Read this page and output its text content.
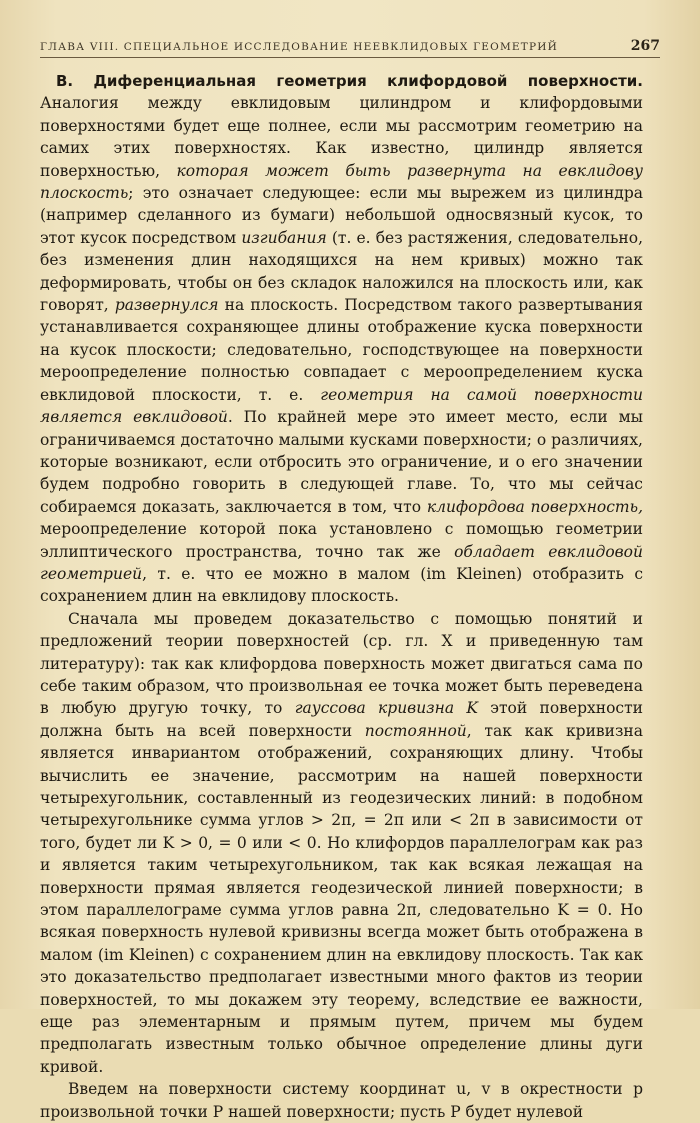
ГЛАВА VIII. СПЕЦИАЛЬНОЕ ИССЛЕДОВАНИЕ НЕЕВКЛИДОВЫХ ГЕОМЕТРИЙ	267

В. Диференциальная геометрия клифордовой поверхности. Аналогия между евклидовым цилиндром и клифордовыми поверхностями будет еще полнее, если мы рассмотрим геометрию на самих этих поверхностях. Как известно, цилиндр является поверхностью, которая может быть развернута на евклидову плоскость; это означает следующее: если мы вырежем из цилиндра (например сделанного из бумаги) небольшой односвязный кусок, то этот кусок посредством изгибания (т. е. без растяжения, следовательно, без изменения длин находящихся на нем кривых) можно так деформировать, чтобы он без складок наложился на плоскость или, как говорят, развернулся на плоскость. Посредством такого развертывания устанавливается сохраняющее длины отображение куска поверхности на кусок плоскости; следовательно, господствующее на поверхности мероопределение полностью совпадает с мероопределением куска евклидовой плоскости, т. е. геометрия на самой поверхности является евклидовой. По крайней мере это имеет место, если мы ограничиваемся достаточно малыми кусками поверхности; о различиях, которые возникают, если отбросить это ограничение, и о его значении будем подробно говорить в следующей главе. То, что мы сейчас собираемся доказать, заключается в том, что клифордова поверхность, мероопределение которой пока установлено с помощью геометрии эллиптического пространства, точно так же обладает евклидовой геометрией, т. е. что ее можно в малом (im Kleinen) отобразить с сохранением длин на евклидову плоскость.

Сначала мы проведем доказательство с помощью понятий и предложений теории поверхностей (ср. гл. X и приведенную там литературу): так как клифордова поверхность может двигаться сама по себе таким образом, что произвольная ее точка может быть переведена в любую другую точку, то гауссова кривизна K этой поверхности должна быть на всей поверхности постоянной, так как кривизна является инвариантом отображений, сохраняющих длину. Чтобы вычислить ее значение, рассмотрим на нашей поверхности четырехугольник, составленный из геодезических линий: в подобном четырехугольнике сумма углов > 2π, = 2π или < 2π в зависимости от того, будет ли K > 0, = 0 или < 0. Но клифордов параллелограм как раз и является таким четырехугольником, так как всякая лежащая на поверхности прямая является геодезической линией поверхности; в этом параллелограме сумма углов равна 2π, следовательно K = 0. Но всякая поверхность нулевой кривизны всегда может быть отображена в малом (im Kleinen) с сохранением длин на евклидову плоскость. Так как это доказательство предполагает известными много фактов из теории поверхностей, то мы докажем эту теорему, вследствие ее важности, еще раз элементарным и прямым путем, причем мы будем предполагать известным только обычное определение длины дуги кривой.

Введем на поверхности систему координат u, v в окрестности p произвольной точки P нашей поверхности; пусть P будет нулевой
